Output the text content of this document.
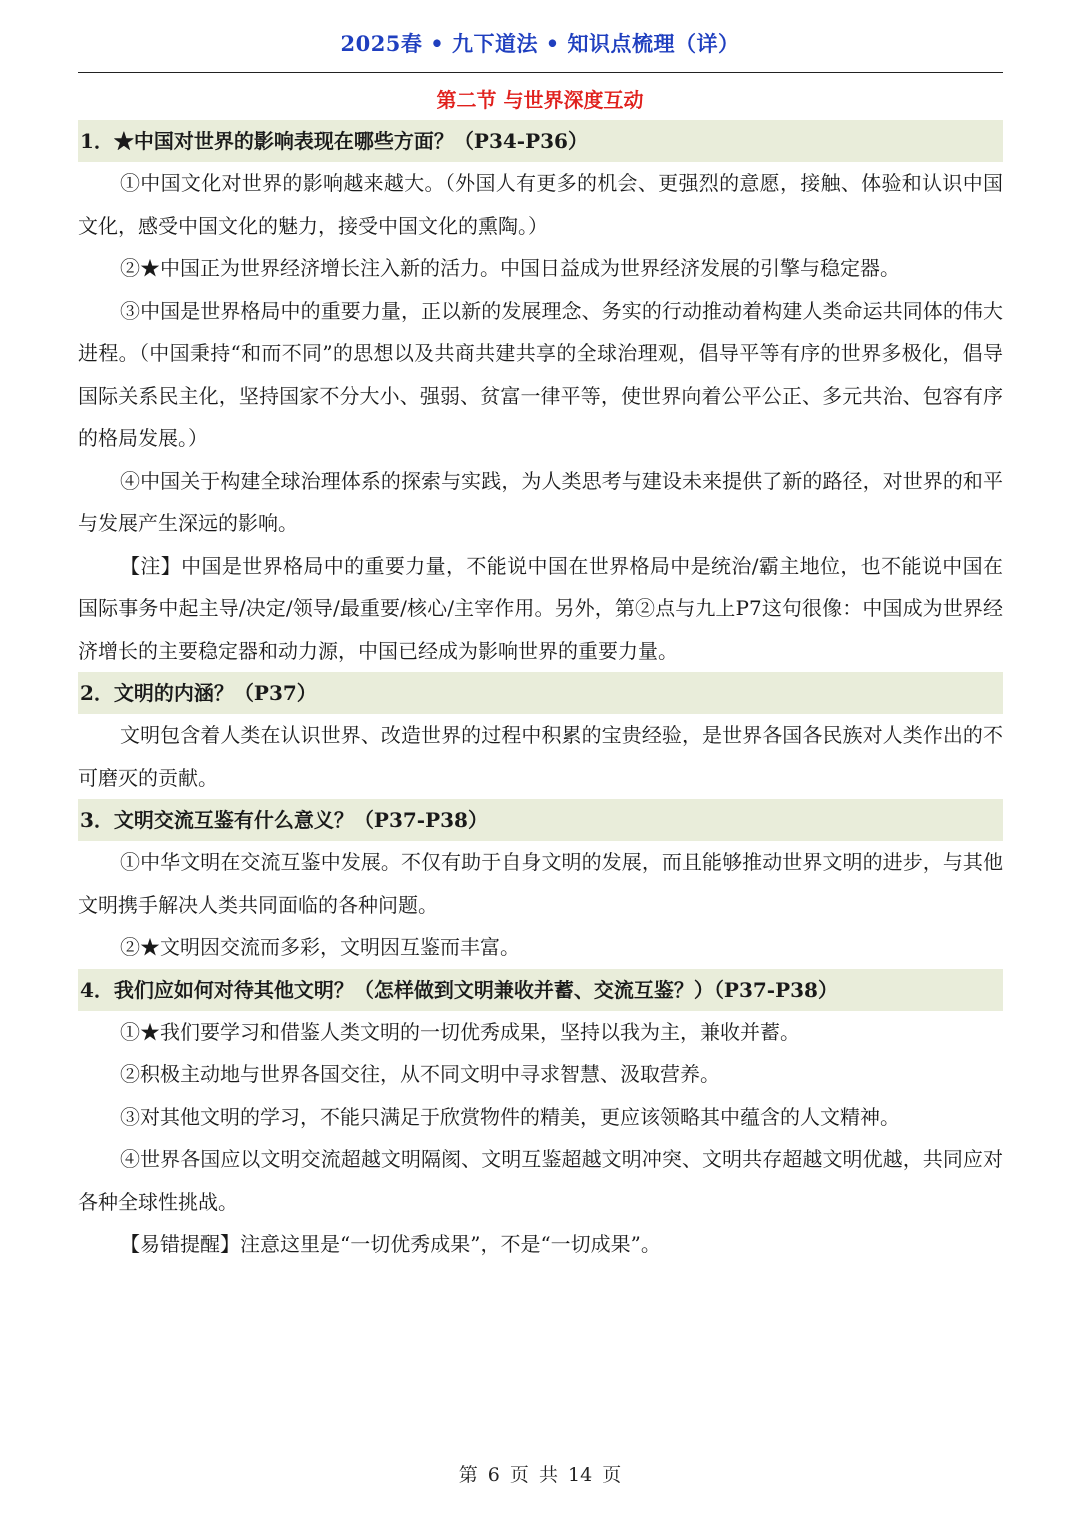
2025春 • 九下道法 • 知识点梳理（详）
第二节 与世界深度互动
1．★中国对世界的影响表现在哪些方面？（P34-P36）

①中国文化对世界的影响越来越大。（外国人有更多的机会、更强烈的意愿，接触、体验和认识中国文化，感受中国文化的魅力，接受中国文化的熏陶。）

②★中国正为世界经济增长注入新的活力。中国日益成为世界经济发展的引擎与稳定器。

③中国是世界格局中的重要力量，正以新的发展理念、务实的行动推动着构建人类命运共同体的伟大进程。（中国秉持“和而不同”的思想以及共商共建共享的全球治理观，倡导平等有序的世界多极化，倡导国际关系民主化，坚持国家不分大小、强弱、贫富一律平等，使世界向着公平公正、多元共治、包容有序的格局发展。）

④中国关于构建全球治理体系的探索与实践，为人类思考与建设未来提供了新的路径，对世界的和平与发展产生深远的影响。

【注】中国是世界格局中的重要力量，不能说中国在世界格局中是统治/霸主地位，也不能说中国在国际事务中起主导/决定/领导/最重要/核心/主宰作用。另外，第②点与九上P7这句很像：中国成为世界经济增长的主要稳定器和动力源，中国已经成为影响世界的重要力量。

2．文明的内涵？（P37）

文明包含着人类在认识世界、改造世界的过程中积累的宝贵经验，是世界各国各民族对人类作出的不可磨灭的贡献。

3．文明交流互鉴有什么意义？（P37-P38）

①中华文明在交流互鉴中发展。不仅有助于自身文明的发展，而且能够推动世界文明的进步，与其他文明携手解决人类共同面临的各种问题。

②★文明因交流而多彩，文明因互鉴而丰富。

4．我们应如何对待其他文明？（怎样做到文明兼收并蓄、交流互鉴？）（P37-P38）

①★我们要学习和借鉴人类文明的一切优秀成果，坚持以我为主，兼收并蓄。

②积极主动地与世界各国交往，从不同文明中寻求智慧、汲取营养。

③对其他文明的学习，不能只满足于欣赏物件的精美，更应该领略其中蕴含的人文精神。

④世界各国应以文明交流超越文明隔阂、文明互鉴超越文明冲突、文明共存超越文明优越，共同应对各种全球性挑战。

【易错提醒】注意这里是“一切优秀成果”，不是“一切成果”。

第 6 页 共 14 页
